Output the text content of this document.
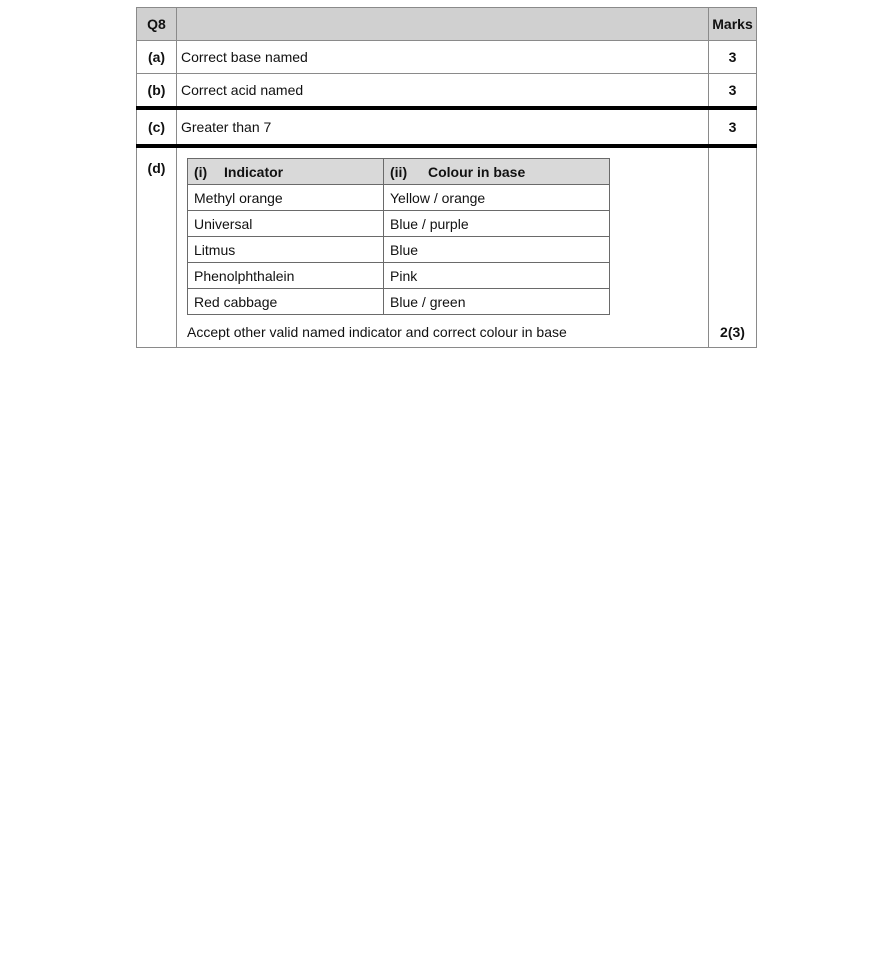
Q8		Marks
(a)	Correct base named	3
(b)	Correct acid named	3
(c)	Greater than 7	3
(d)	(i) Indicator	(ii) Colour in base
Methyl orange	Yellow / orange
Universal	Blue / purple
Litmus	Blue
Phenolphthalein	Pink
Red cabbage	Blue / green
Accept other valid named indicator and correct colour in base	2(3)
